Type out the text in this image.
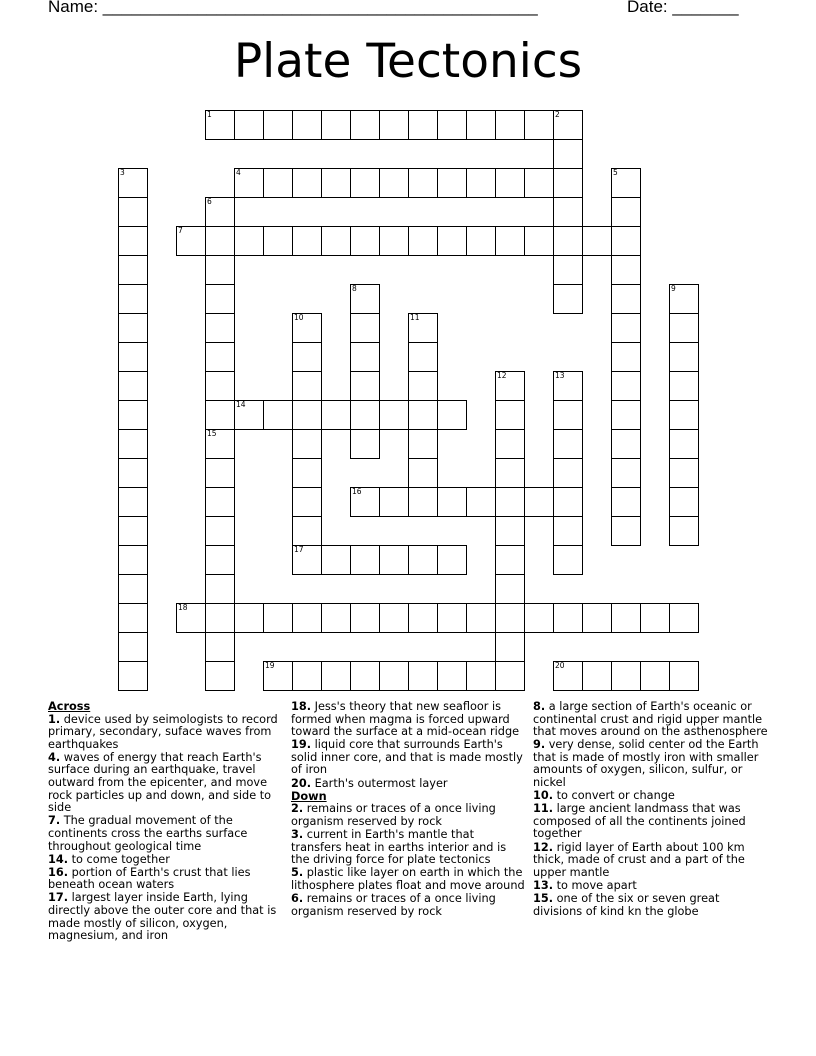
Name: ______________________________________________	Date: _______
Plate Tectonics
1	2
3	4	5
6
15
7
8	9
10
17
11
12	13
14
16
18
19	20
Across
1. device used by seimologists to record primary, secondary, suface waves from earthquakes
4. waves of energy that reach Earth's surface during an earthquake, travel outward from the epicenter, and move rock particles up and down, and side to side
7. The gradual movement of the continents cross the earths surface throughout geological time
14. to come together
16. portion of Earth's crust that lies beneath ocean waters
17. largest layer inside Earth, lying directly above the outer core and that is made mostly of silicon, oxygen, magnesium, and iron
18. Jess's theory that new seafloor is formed when magma is forced upward toward the surface at a mid-ocean ridge
19. liquid core that surrounds Earth's solid inner core, and that is made mostly of iron
20. Earth's outermost layer
Down
2. remains or traces of a once living organism reserved by rock
3. current in Earth's mantle that transfers heat in earths interior and is the driving force for plate tectonics
5. plastic like layer on earth in which the lithosphere plates float and move around
6. remains or traces of a once living organism reserved by rock
8. a large section of Earth's oceanic or continental crust and rigid upper mantle that moves around on the asthenosphere
9. very dense, solid center od the Earth that is made of mostly iron with smaller amounts of oxygen, silicon, sulfur, or nickel
10. to convert or change
11. large ancient landmass that was composed of all the continents joined together
12. rigid layer of Earth about 100 km thick, made of crust and a part of the upper mantle
13. to move apart
15. one of the six or seven great divisions of kind kn the globe
